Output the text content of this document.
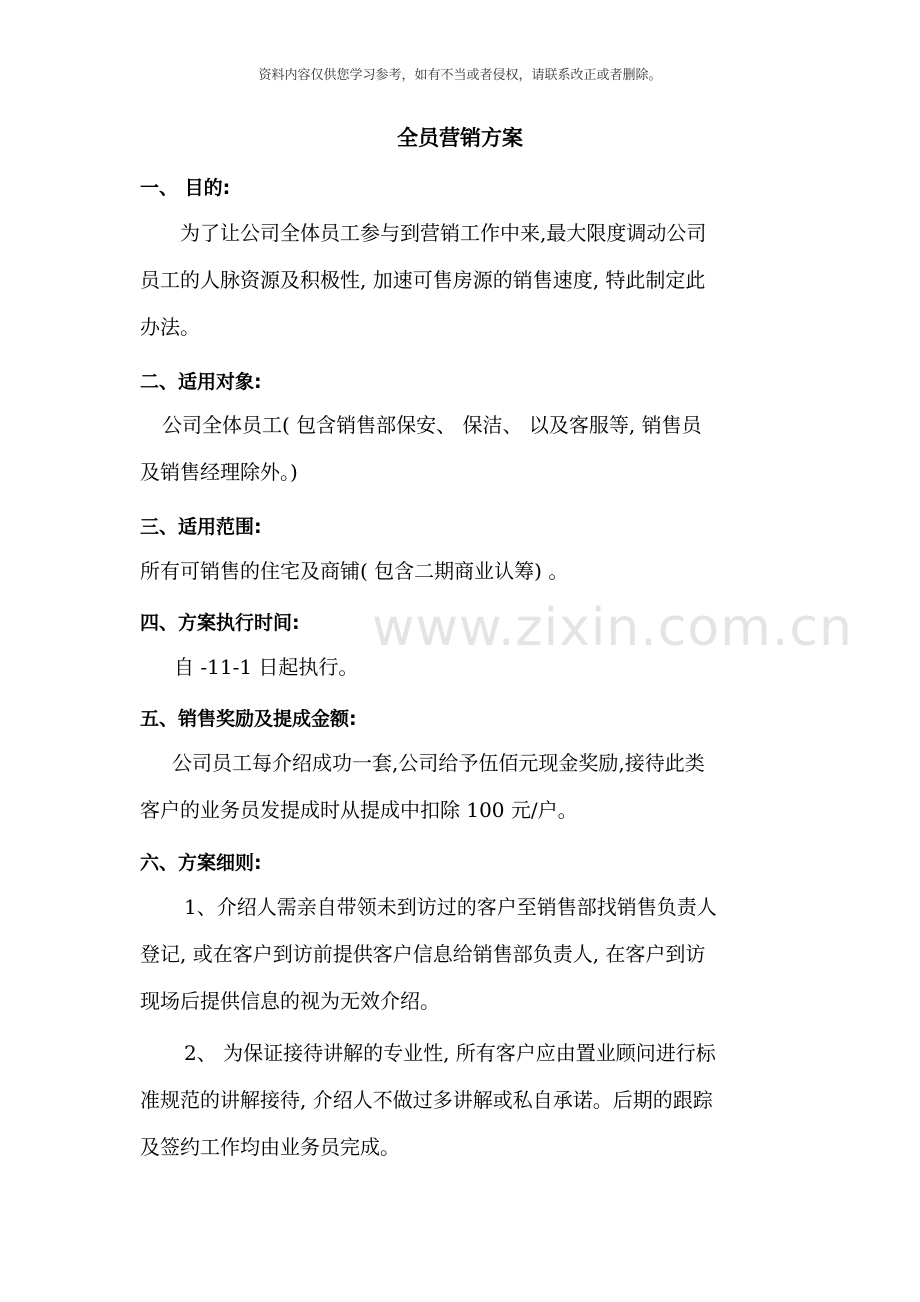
资料内容仅供您学习参考，如有不当或者侵权，请联系改正或者删除。
全员营销方案
www.zixin.com.cn
一、 目的:
为了让公司全体员工参与到营销工作中来,最大限度调动公司
员工的人脉资源及积极性, 加速可售房源的销售速度, 特此制定此
办法。
二、适用对象:
公司全体员工( 包含销售部保安、 保洁、 以及客服等, 销售员
及销售经理除外。)
三、适用范围:
所有可销售的住宅及商铺( 包含二期商业认筹) 。
四、方案执行时间:
自 -11-1 日起执行。
五、销售奖励及提成金额:
公司员工每介绍成功一套,公司给予伍佰元现金奖励,接待此类
客户的业务员发提成时从提成中扣除 100 元/户。
六、方案细则:
1、介绍人需亲自带领未到访过的客户至销售部找销售负责人
登记, 或在客户到访前提供客户信息给销售部负责人, 在客户到访
现场后提供信息的视为无效介绍。
2、 为保证接待讲解的专业性, 所有客户应由置业顾问进行标
准规范的讲解接待, 介绍人不做过多讲解或私自承诺。后期的跟踪
及签约工作均由业务员完成。
